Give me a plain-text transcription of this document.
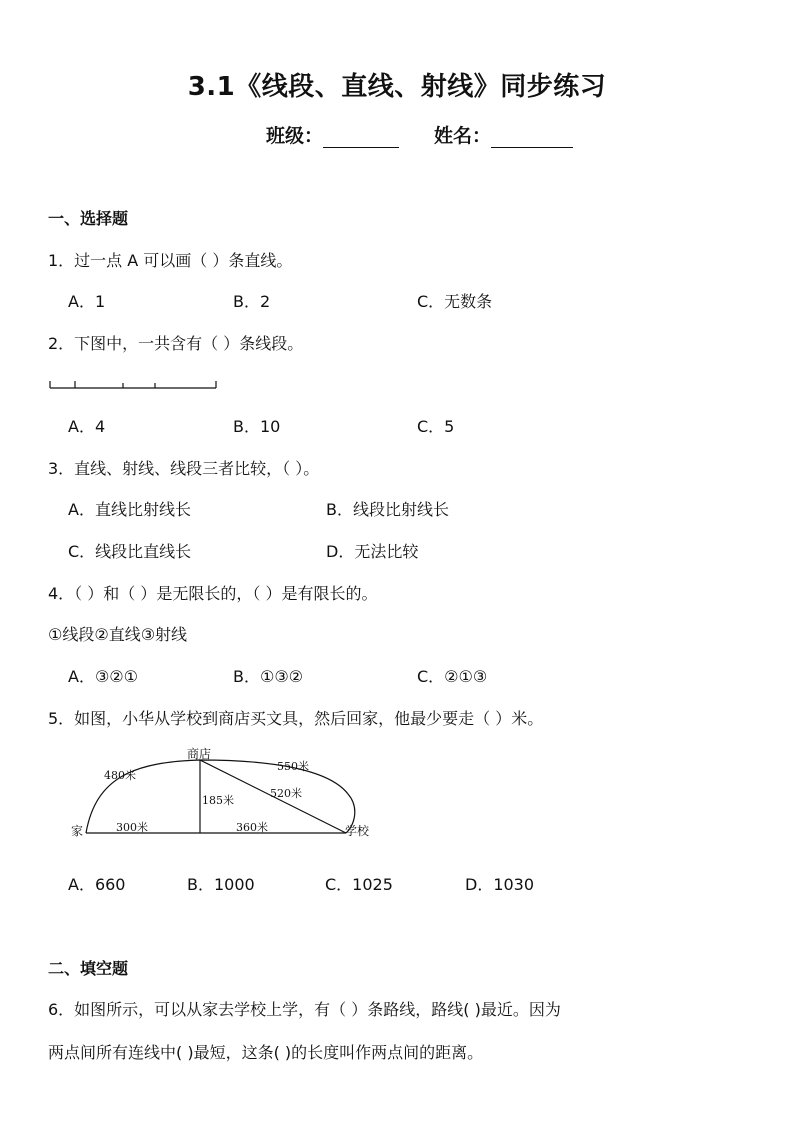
3.1《线段、直线、射线》同步练习
班级：	姓名：
一、选择题
1．过一点 A 可以画（ ）条直线。
A．1	B．2	C．无数条
2．下图中，一共含有（ ）条线段。
A．4	B．10	C．5
3．直线、射线、线段三者比较，（ ）。
A．直线比射线长	B．线段比射线长
C．线段比直线长	D．无法比较
4．（ ）和（ ）是无限长的，（ ）是有限长的。
①线段②直线③射线
A．③②①	B．①③②	C．②①③
5．如图，小华从学校到商店买文具，然后回家，他最少要走（ ）米。
商店
家	学校
480米
550米
520米
185米
300米	360米
A．660	B．1000	C．1025	D．1030
二、填空题
6．如图所示，可以从家去学校上学，有（ ）条路线，路线( )最近。因为
两点间所有连线中( )最短，这条( )的长度叫作两点间的距离。
